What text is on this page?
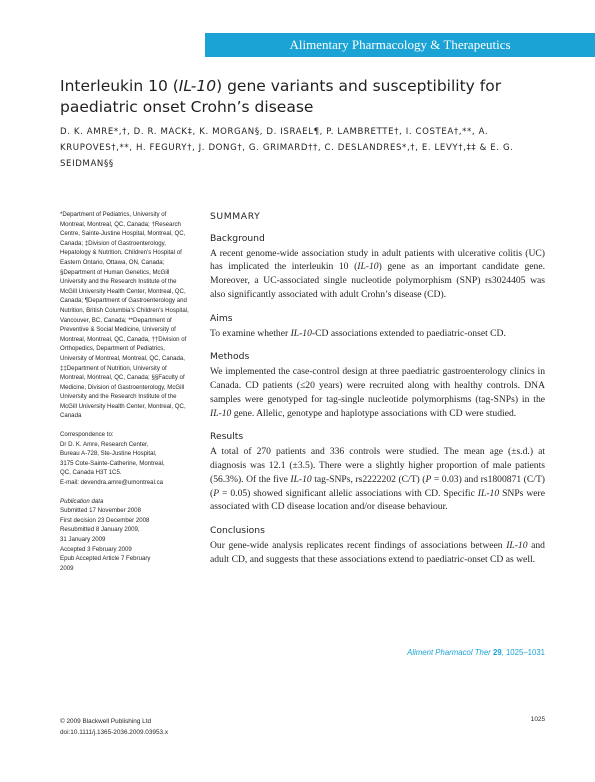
Alimentary Pharmacology & Therapeutics
Interleukin 10 (IL-10) gene variants and susceptibility for paediatric onset Crohn’s disease
D. K. AMRE*,†, D. R. MACK‡, K. MORGAN§, D. ISRAEL¶, P. LAMBRETTE†, I. COSTEA†,**, A. KRUPOVES†,**, H. FEGURY†, J. DONG†, G. GRIMARD††, C. DESLANDRES*,†, E. LEVY†,‡‡ & E. G. SEIDMAN§§

*Department of Pediatrics, University of Montreal, Montreal, QC, Canada; †Research Centre, Sainte-Justine Hospital, Montreal, QC, Canada; ‡Division of Gastroenterology, Hepatology & Nutrition, Children’s Hospital of Eastern Ontario, Ottawa, ON, Canada; §Department of Human Genetics, McGill University and the Research Institute of the McGill University Health Center, Montreal, QC, Canada; ¶Department of Gastroenterology and Nutrition, British Columbia’s Children’s Hospital, Vancouver, BC, Canada; **Department of Preventive & Social Medicine, University of Montreal, Montreal, QC, Canada, ††Division of Orthopedics, Department of Pediatrics, University of Montreal, Montreal, QC, Canada, ‡‡Department of Nutrition, University of Montreal, Montreal, QC, Canada; §§Faculty of Medicine, Division of Gastroenterology, McGill University and the Research Institute of the McGill University Health Center, Montreal, QC, Canada

Correspondence to:

Dr D. K. Amre, Research Center,

Bureau A-728, Ste-Justine Hospital,

3175 Cote-Sainte-Catherine, Montreal,

QC, Canada H3T 1C5.

E-mail: devendra.amre@umontreal.ca

Publication data

Submitted 17 November 2008

First decision 23 December 2008

Resubmitted 8 January 2009,

31 January 2009

Accepted 3 February 2009

Epub Accepted Article 7 February

2009

SUMMARY
Background

A recent genome-wide association study in adult patients with ulcerative colitis (UC) has implicated the interleukin 10 (IL-10) gene as an important candidate gene. Moreover, a UC-associated single nucleotide polymorphism (SNP) rs3024405 was also significantly associated with adult Crohn’s disease (CD).

Aims

To examine whether IL-10-CD associations extended to paediatric-onset CD.

Methods

We implemented the case-control design at three paediatric gastroenterology clinics in Canada. CD patients (≤20 years) were recruited along with healthy controls. DNA samples were genotyped for tag-single nucleotide polymorphisms (tag-SNPs) in the IL-10 gene. Allelic, genotype and haplotype associations with CD were studied.

Results

A total of 270 patients and 336 controls were studied. The mean age (±s.d.) at diagnosis was 12.1 (±3.5). There were a slightly higher proportion of male patients (56.3%). Of the five IL-10 tag-SNPs, rs2222202 (C/T) (P = 0.03) and rs1800871 (C/T) (P = 0.05) showed significant allelic associations with CD. Specific IL-10 SNPs were associated with CD disease location and/or disease behaviour.

Conclusions

Our gene-wide analysis replicates recent findings of associations between IL-10 and adult CD, and suggests that these associations extend to paediatric-onset CD as well.

Aliment Pharmacol Ther 29, 1025–1031
© 2009 Blackwell Publishing Ltd
doi:10.1111/j.1365-2036.2009.03953.x
1025
